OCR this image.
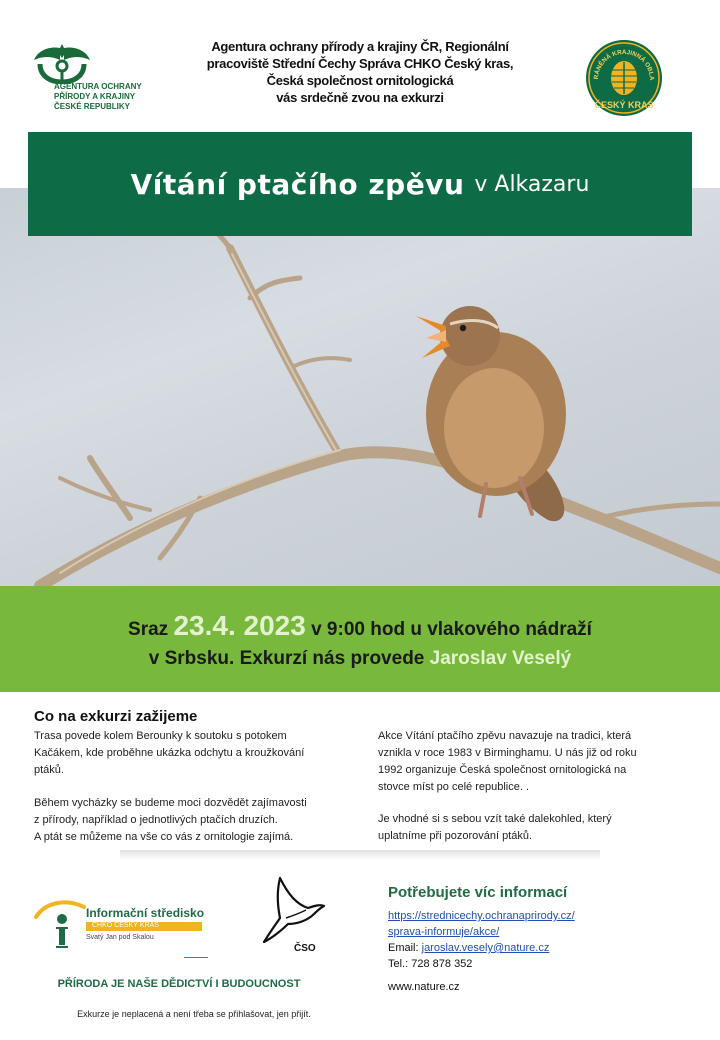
AGENTURA OCHRANY
PŘÍRODY A KRAJINY
ČESKÉ REPUBLIKY
Agentura ochrany přírody a krajiny ČR, Regionální
pracoviště Střední Čechy Správa CHKO Český kras,
Česká společnost ornitologická
vás srdečně zvou na exkurzi
RÁNĚNÁ KRAJINNÁ OBLA
ČESKÝ KRAS
Vítání ptačího zpěvu v Alkazaru
Sraz 23.4. 2023 v 9:00 hod u vlakového nádraží
v Srbsku. Exkurzí nás provede Jaroslav Veselý
Co na exkurzi zažijeme
Trasa povede kolem Berounky k soutoku s potokem
Kačákem, kde proběhne ukázka odchytu a kroužkování
ptáků.
Během vycházky se budeme moci dozvědět zajímavosti
z přírody, například o jednotlivých ptačích druzích.
A ptát se můžeme na vše co vás z ornitologie zajímá.
Akce Vítání ptačího zpěvu navazuje na tradici, která
vznikla v roce 1983 v Birminghamu. U nás již od roku
1992 organizuje Česká společnost ornitologická na
stovce míst po celé republice. .
Je vhodné si s sebou vzít také dalekohled, který
uplatníme při pozorování ptáků.
Informační středisko
CHKO ČESKÝ KRAS
Svatý Jan pod Skalou
ČSO
PŘÍRODA JE NAŠE DĚDICTVÍ I BUDOUCNOST
Exkurze je neplacená a není třeba se přihlašovat, jen přijít.
Potřebujete víc informací
https://strednicechy.ochranaprirody.cz/
sprava-informuje/akce/
Email: jaroslav.vesely@nature.cz
Tel.: 728 878 352
www.nature.cz
